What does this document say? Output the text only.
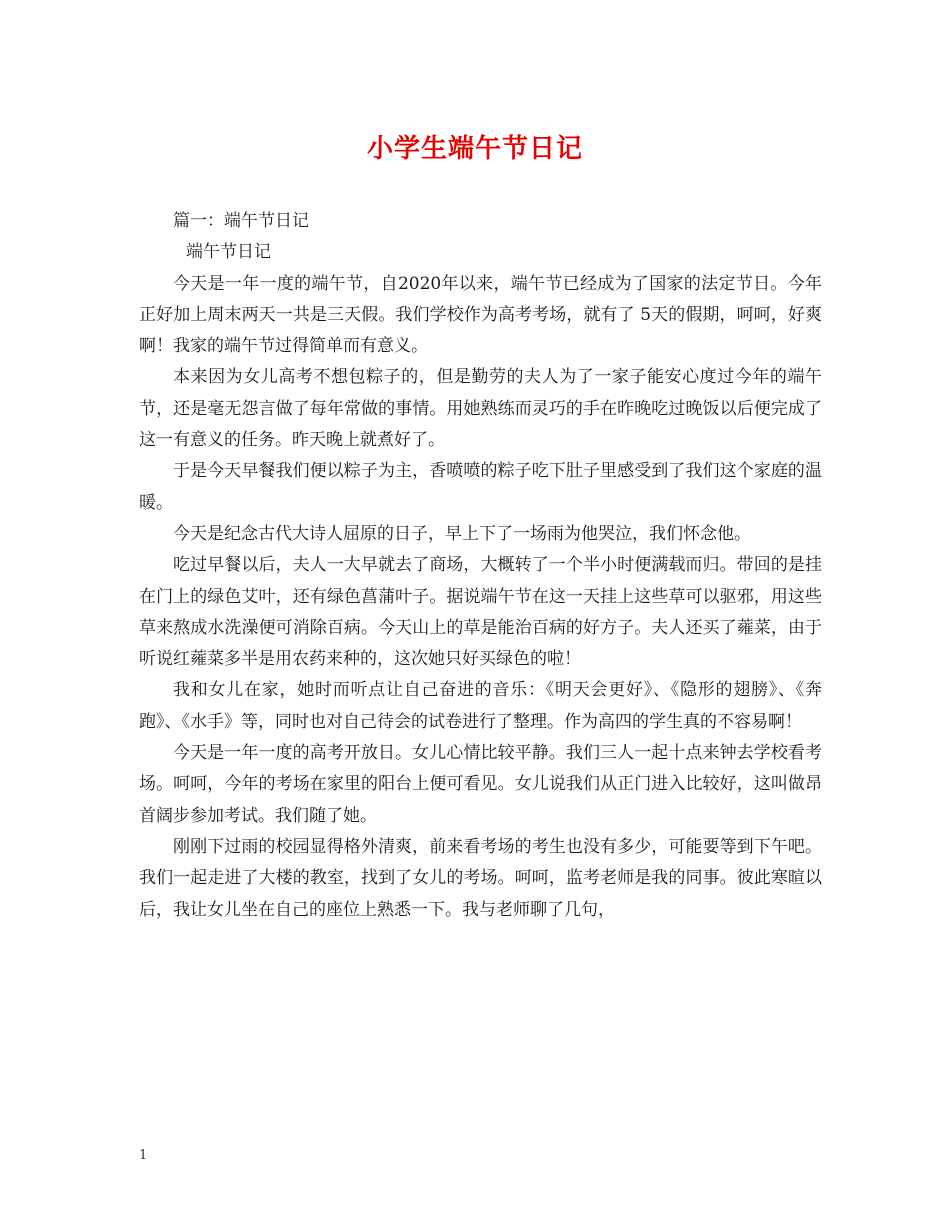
小学生端午节日记

篇一：端午节日记

端午节日记

今天是一年一度的端午节，自2020年以来，端午节已经成为了国家的法定节日。今年正好加上周末两天一共是三天假。我们学校作为高考考场，就有了 5天的假期，呵呵，好爽啊！我家的端午节过得简单而有意义。

本来因为女儿高考不想包粽子的，但是勤劳的夫人为了一家子能安心度过今年的端午节，还是毫无怨言做了每年常做的事情。用她熟练而灵巧的手在昨晚吃过晚饭以后便完成了这一有意义的任务。昨天晚上就煮好了。

于是今天早餐我们便以粽子为主，香喷喷的粽子吃下肚子里感受到了我们这个家庭的温暖。

今天是纪念古代大诗人屈原的日子，早上下了一场雨为他哭泣，我们怀念他。

吃过早餐以后，夫人一大早就去了商场，大概转了一个半小时便满载而归。带回的是挂在门上的绿色艾叶，还有绿色菖蒲叶子。据说端午节在这一天挂上这些草可以驱邪，用这些草来熬成水洗澡便可消除百病。今天山上的草是能治百病的好方子。夫人还买了蕹菜，由于听说红蕹菜多半是用农药来种的，这次她只好买绿色的啦！

我和女儿在家，她时而听点让自己奋进的音乐：《明天会更好》、《隐形的翅膀》、《奔跑》、《水手》等，同时也对自己待会的试卷进行了整理。作为高四的学生真的不容易啊！

今天是一年一度的高考开放日。女儿心情比较平静。我们三人一起十点来钟去学校看考场。呵呵，今年的考场在家里的阳台上便可看见。女儿说我们从正门进入比较好，这叫做昂首阔步参加考试。我们随了她。

刚刚下过雨的校园显得格外清爽，前来看考场的考生也没有多少，可能要等到下午吧。我们一起走进了大楼的教室，找到了女儿的考场。呵呵，监考老师是我的同事。彼此寒暄以后，我让女儿坐在自己的座位上熟悉一下。我与老师聊了几句，

1
